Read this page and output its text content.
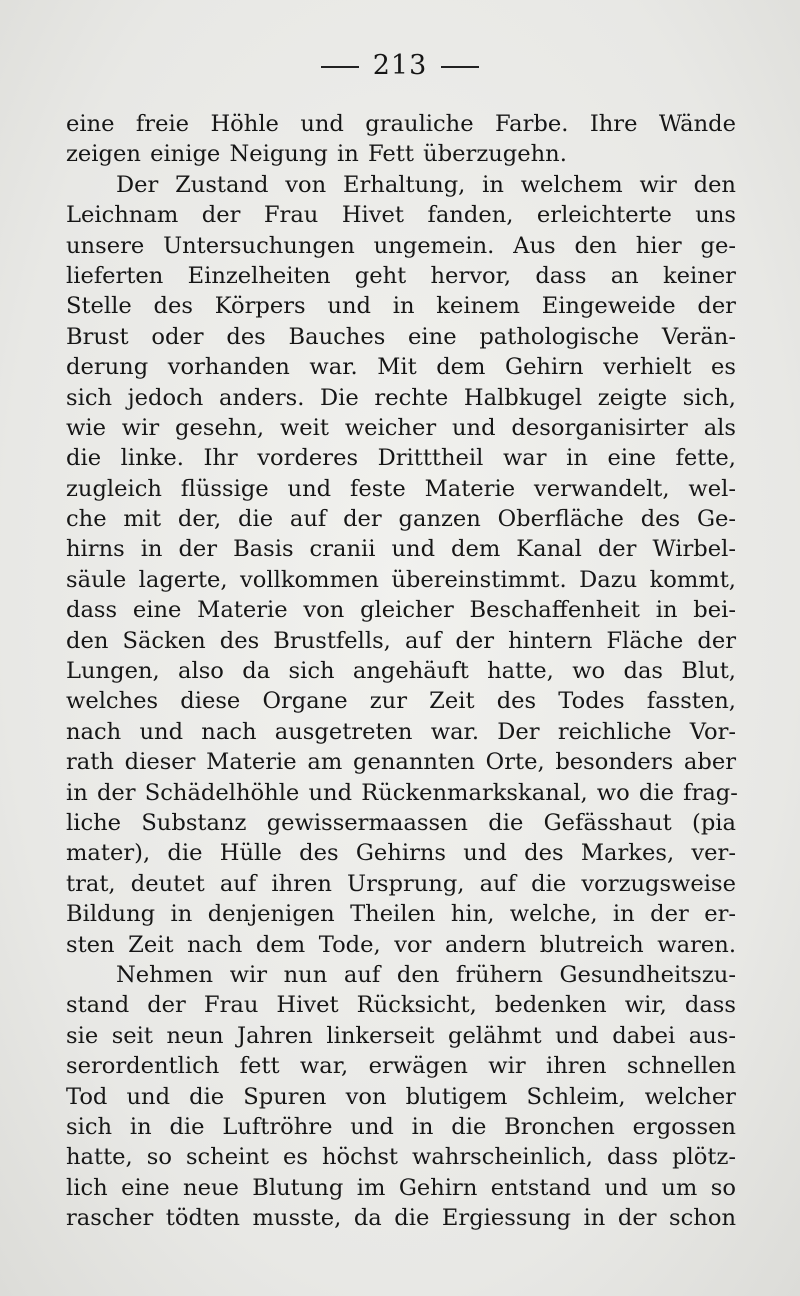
213
eine freie Höhle und grauliche Farbe. Ihre Wände
zeigen einige Neigung in Fett überzugehn.
Der Zustand von Erhaltung, in welchem wir den
Leichnam der Frau Hivet fanden, erleichterte uns
unsere Untersuchungen ungemein. Aus den hier ge-
lieferten Einzelheiten geht hervor, dass an keiner
Stelle des Körpers und in keinem Eingeweide der
Brust oder des Bauches eine pathologische Verän-
derung vorhanden war. Mit dem Gehirn verhielt es
sich jedoch anders. Die rechte Halbkugel zeigte sich,
wie wir gesehn, weit weicher und desorganisirter als
die linke. Ihr vorderes Dritttheil war in eine fette,
zugleich flüssige und feste Materie verwandelt, wel-
che mit der, die auf der ganzen Oberfläche des Ge-
hirns in der Basis cranii und dem Kanal der Wirbel-
säule lagerte, vollkommen übereinstimmt. Dazu kommt,
dass eine Materie von gleicher Beschaffenheit in bei-
den Säcken des Brustfells, auf der hintern Fläche der
Lungen, also da sich angehäuft hatte, wo das Blut,
welches diese Organe zur Zeit des Todes fassten,
nach und nach ausgetreten war. Der reichliche Vor-
rath dieser Materie am genannten Orte, besonders aber
in der Schädelhöhle und Rückenmarkskanal, wo die frag-
liche Substanz gewissermaassen die Gefässhaut (pia
mater), die Hülle des Gehirns und des Markes, ver-
trat, deutet auf ihren Ursprung, auf die vorzugsweise
Bildung in denjenigen Theilen hin, welche, in der er-
sten Zeit nach dem Tode, vor andern blutreich waren.
Nehmen wir nun auf den frühern Gesundheitszu-
stand der Frau Hivet Rücksicht, bedenken wir, dass
sie seit neun Jahren linkerseit gelähmt und dabei aus-
serordentlich fett war, erwägen wir ihren schnellen
Tod und die Spuren von blutigem Schleim, welcher
sich in die Luftröhre und in die Bronchen ergossen
hatte, so scheint es höchst wahrscheinlich, dass plötz-
lich eine neue Blutung im Gehirn entstand und um so
rascher tödten musste, da die Ergiessung in der schon
